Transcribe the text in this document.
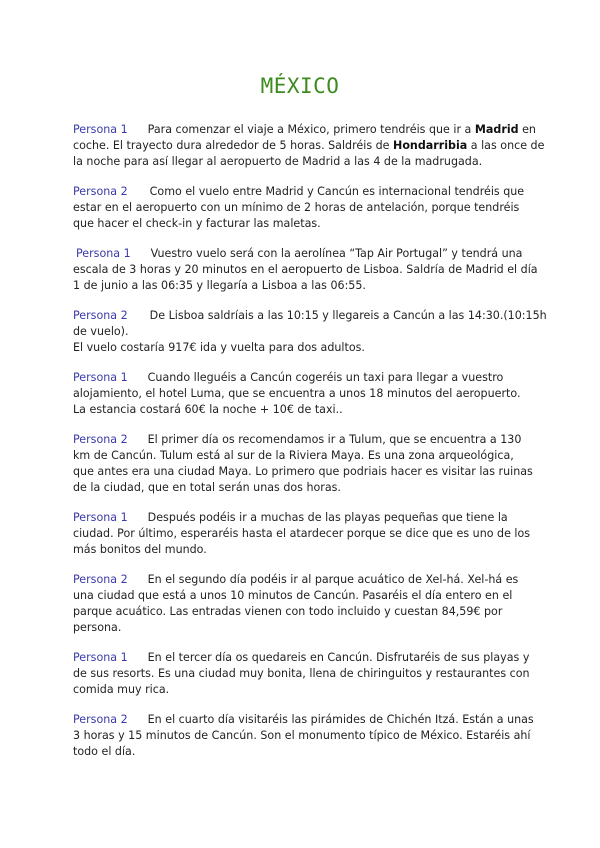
MÉXICO
Persona 1 Para comenzar el viaje a México, primero tendréis que ir a Madrid en
coche. El trayecto dura alrededor de 5 horas. Saldréis de Hondarribia a las once de
la noche para así llegar al aeropuerto de Madrid a las 4 de la madrugada.
Persona 2 Como el vuelo entre Madrid y Cancún es internacional tendréis que
estar en el aeropuerto con un mínimo de 2 horas de antelación, porque tendréis
que hacer el check-in y facturar las maletas.
Persona 1 Vuestro vuelo será con la aerolínea “Tap Air Portugal” y tendrá una
escala de 3 horas y 20 minutos en el aeropuerto de Lisboa. Saldría de Madrid el día
1 de junio a las 06:35 y llegaría a Lisboa a las 06:55.
Persona 2 De Lisboa saldríais a las 10:15 y llegareis a Cancún a las 14:30.(10:15h
de vuelo).
El vuelo costaría 917€ ida y vuelta para dos adultos.
Persona 1 Cuando lleguéis a Cancún cogeréis un taxi para llegar a vuestro
alojamiento, el hotel Luma, que se encuentra a unos 18 minutos del aeropuerto.
La estancia costará 60€ la noche + 10€ de taxi..
Persona 2 El primer día os recomendamos ir a Tulum, que se encuentra a 130
km de Cancún. Tulum está al sur de la Riviera Maya. Es una zona arqueológica,
que antes era una ciudad Maya. Lo primero que podriais hacer es visitar las ruinas
de la ciudad, que en total serán unas dos horas.
Persona 1 Después podéis ir a muchas de las playas pequeñas que tiene la
ciudad. Por último, esperaréis hasta el atardecer porque se dice que es uno de los
más bonitos del mundo.
Persona 2 En el segundo día podéis ir al parque acuático de Xel-há. Xel-há es
una ciudad que está a unos 10 minutos de Cancún. Pasaréis el día entero en el
parque acuático. Las entradas vienen con todo incluido y cuestan 84,59€ por
persona.
Persona 1 En el tercer día os quedareis en Cancún. Disfrutaréis de sus playas y
de sus resorts. Es una ciudad muy bonita, llena de chiringuitos y restaurantes con
comida muy rica.
Persona 2 En el cuarto día visitaréis las pirámides de Chichén Itzá. Están a unas
3 horas y 15 minutos de Cancún. Son el monumento típico de México. Estaréis ahí
todo el día.
